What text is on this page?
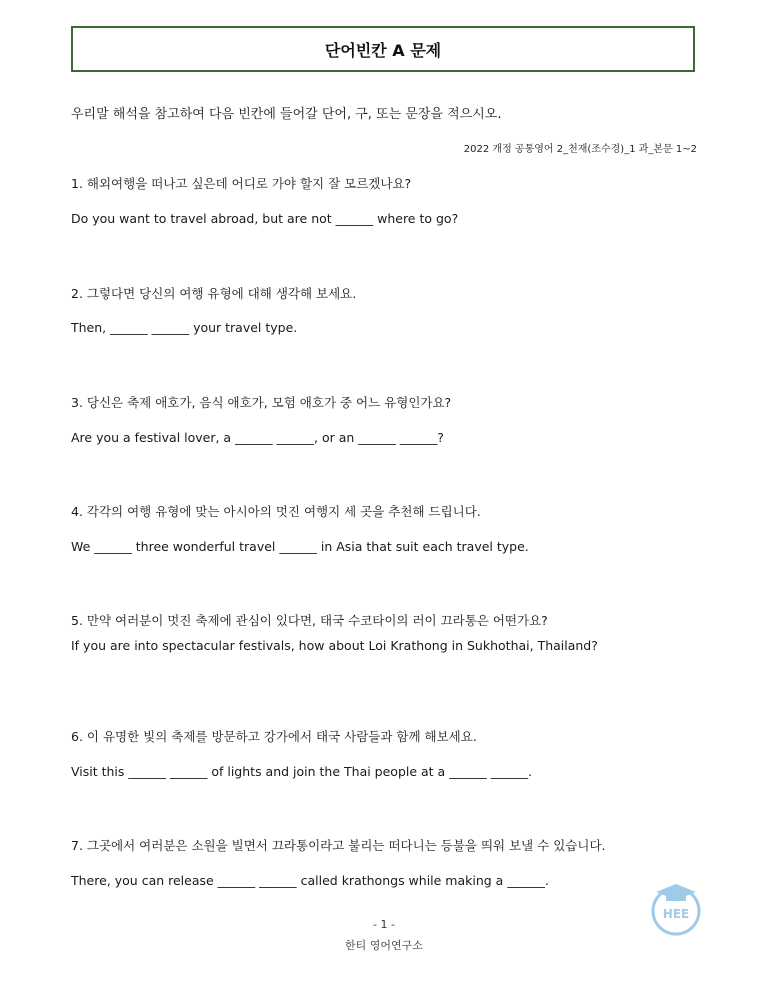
단어빈칸 A 문제
우리말 해석을 참고하여 다음 빈칸에 들어갈 단어, 구, 또는 문장을 적으시오.
2022 개정 공통영어 2_천재(조수경)_1 과_본문 1~2
1. 해외여행을 떠나고 싶은데 어디로 가야 할지 잘 모르겠나요?
Do you want to travel abroad, but are not ______ where to go?
2. 그렇다면 당신의 여행 유형에 대해 생각해 보세요.
Then, ______ ______ your travel type.
3. 당신은 축제 애호가, 음식 애호가, 모험 애호가 중 어느 유형인가요?
Are you a festival lover, a ______ ______, or an ______ ______?
4. 각각의 여행 유형에 맞는 아시아의 멋진 여행지 세 곳을 추천해 드립니다.
We ______ three wonderful travel ______ in Asia that suit each travel type.
5. 만약 여러분이 멋진 축제에 관심이 있다면, 태국 수코타이의 러이 끄라통은 어떤가요?
If you are into spectacular festivals, how about Loi Krathong in Sukhothai, Thailand?
6. 이 유명한 빛의 축제를 방문하고 강가에서 태국 사람들과 함께 해보세요.
Visit this ______ ______ of lights and join the Thai people at a ______ ______.
7. 그곳에서 여러분은 소원을 빌면서 끄라통이라고 불리는 떠다니는 등불을 띄워 보낼 수 있습니다.
There, you can release ______ ______ called krathongs while making a ______.
- 1 -
한티 영어연구소
HEE
